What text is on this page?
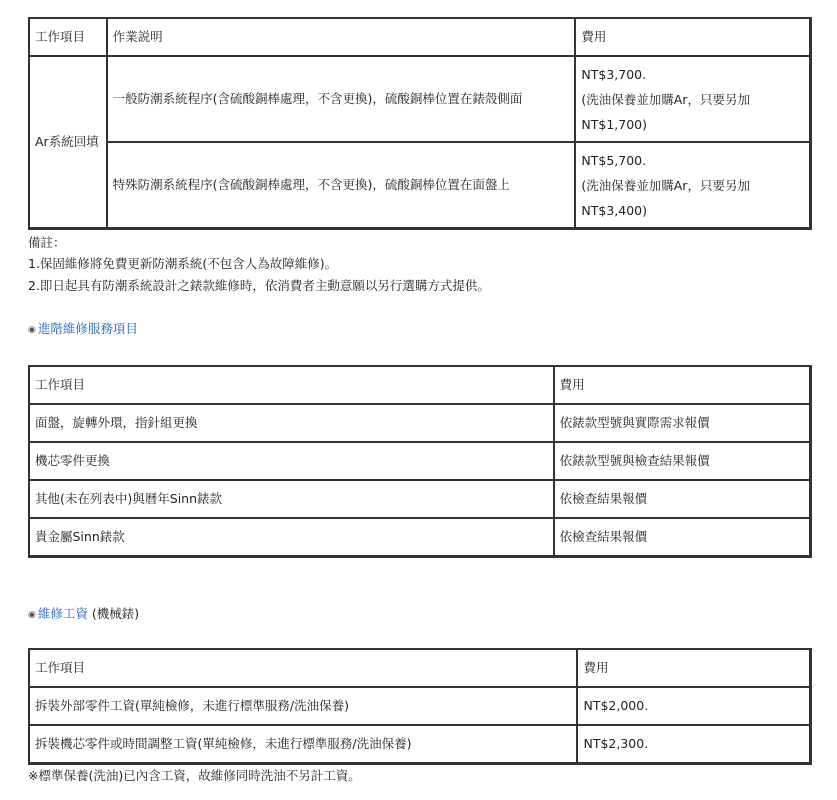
工作項目	作業説明	費用
Ar系統回填	一般防潮系統程序(含硫酸銅棒處理，不含更換)，硫酸銅棒位置在錶殼側面	NT$3,700.
(洗油保養並加購Ar，只要另加
NT$1,700)

	特殊防潮系統程序(含硫酸銅棒處理，不含更換)，硫酸銅棒位置在面盤上	NT$5,700.
(洗油保養並加購Ar，只要另加
NT$3,400)
備註：
1.保固維修將免費更新防潮系統(不包含人為故障維修)。
2.即日起具有防潮系統設計之錶款維修時，依消費者主動意願以另行選購方式提供。
◉ 進階維修服務項目
工作項目	費用
面盤，旋轉外環，指針組更換	依錶款型號與實際需求報價
機芯零件更換	依錶款型號與檢查結果報價
其他(未在列表中)與曆年Sinn錶款	依檢查結果報價
貴金屬Sinn錶款	依檢查結果報價
◉ 維修工資 (機械錶)
工作項目	費用
拆裝外部零件工資(單純檢修，未進行標準服務/洗油保養)	NT$2,000.
拆裝機芯零件或時間調整工資(單純檢修，未進行標準服務/洗油保養)	NT$2,300.
※標準保養(洗油)已內含工資，故維修同時洗油不另計工資。
